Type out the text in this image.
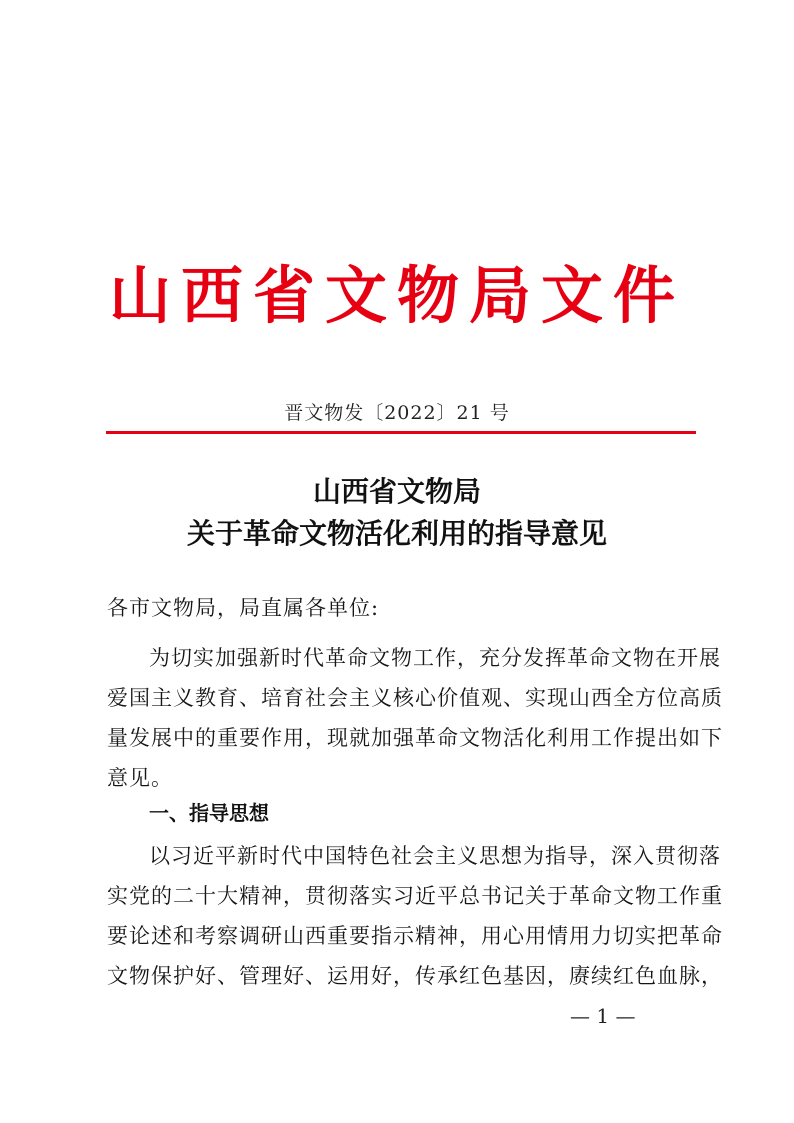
山西省文物局文件
晋文物发〔2022〕21 号
山西省文物局
关于革命文物活化利用的指导意见
各市文物局，局直属各单位:
为切实加强新时代革命文物工作，充分发挥革命文物在开展
爱国主义教育、培育社会主义核心价值观、实现山西全方位高质
量发展中的重要作用，现就加强革命文物活化利用工作提出如下
意见。
一、指导思想
以习近平新时代中国特色社会主义思想为指导，深入贯彻落
实党的二十大精神，贯彻落实习近平总书记关于革命文物工作重
要论述和考察调研山西重要指示精神，用心用情用力切实把革命
文物保护好、管理好、运用好，传承红色基因，赓续红色血脉，
— 1 —
